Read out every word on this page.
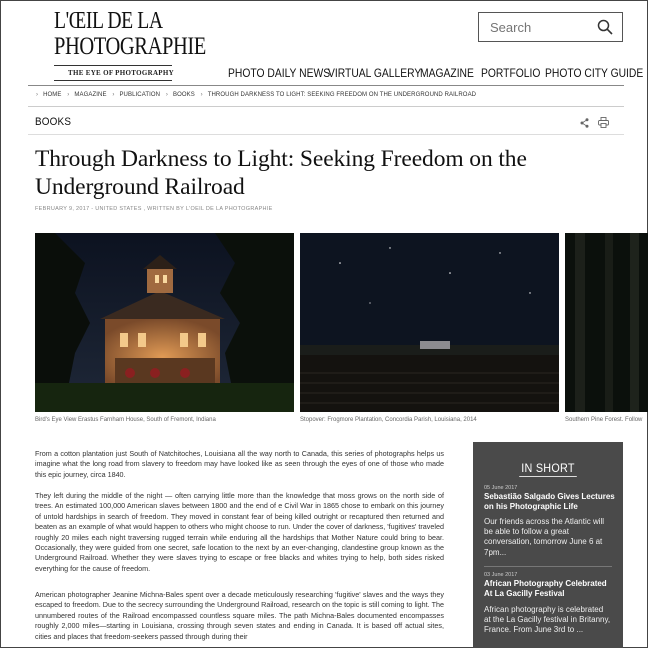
L'ŒIL DE LA
PHOTOGRAPHIE
THE EYE OF PHOTOGRAPHY
Search	PHOTO DAILY NEWS
VIRTUAL GALLERY
MAGAZINE PORTFOLIO PHOTO CITY GUIDE
› HOME › MAGAZINE › PUBLICATION › BOOKS › THROUGH DARKNESS TO LIGHT: SEEKING FREEDOM ON THE UNDERGROUND RAILROAD
BOOKS
Through Darkness to Light: Seeking Freedom on the Underground Railroad
FEBRUARY 9, 2017 - UNITED STATES , WRITTEN BY L'OEIL DE LA PHOTOGRAPHIE
Bird's Eye View Erastus Farnham House, South of Fremont, Indiana	Stopover: Frogmore Plantation, Concordia Parish, Louisiana, 2014	Southern Pine Forest. Follow
From a cotton plantation just South of Natchitoches, Louisiana all the way north to Canada, this series of photographs helps us imagine what the long road from slavery to freedom may have looked like as seen through the eyes of one of those who made this epic journey, circa 1840.
They left during the middle of the night — often carrying little more than the knowledge that moss grows on the north side of trees. An estimated 100,000 American slaves between 1800 and the end of e Civil War in 1865 chose to embark on this journey of untold hardships in search of freedom. They moved in constant fear of being killed outright or recaptured then returned and beaten as an example of what would happen to others who might choose to run. Under the cover of darkness, 'fugitives' traveled roughly 20 miles each night traversing rugged terrain while enduring all the hardships that Mother Nature could bring to bear. Occasionally, they were guided from one secret, safe location to the next by an ever-changing, clandestine group known as the Underground Railroad. Whether they were slaves trying to escape or free blacks and whites trying to help, both sides risked everything for the cause of freedom.
American photographer Jeanine Michna-Bales spent over a decade meticulously researching 'fugitive' slaves and the ways they escaped to freedom. Due to the secrecy surrounding the Underground Railroad, research on the topic is still coming to light. The unnumbered routes of the Railroad encompassed countless square miles. The path Michna-Bales documented encompasses roughly 2,000 miles—starting in Louisiana, crossing through seven states and ending in Canada. It is based off actual sites, cities and places that freedom-seekers passed through during their
IN SHORT
05 June 2017
Sebastião Salgado Gives Lectures on his Photographic Life
Our friends across the Atlantic will be able to follow a great conversation, tomorrow June 6 at 7pm...
03 June 2017
African Photography Celebrated At La Gacilly Festival
African photography is celebrated at the La Gacilly festival in Britanny, France. From June 3rd to ...
